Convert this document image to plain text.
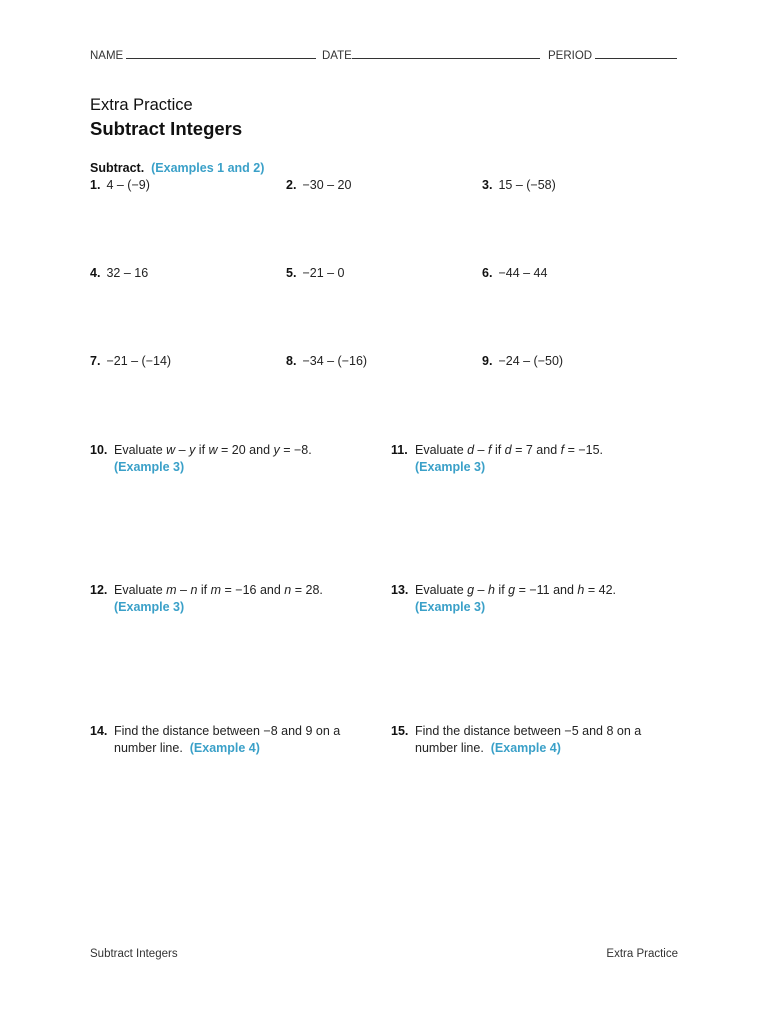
NAME	DATE	PERIOD
Extra Practice
Subtract Integers
Subtract. (Examples 1 and 2)
1. 4 – (−9)	2. −30 – 20	3. 15 – (−58)
4. 32 – 16	5. −21 – 0	6. −44 – 44
7. −21 – (−14)	8. −34 – (−16)	9. −24 – (−50)
10. Evaluate w – y if w = 20 and y = −8.
(Example 3)
11. Evaluate d – f if d = 7 and f = −15.
(Example 3)
12. Evaluate m – n if m = −16 and n = 28.
(Example 3)
13. Evaluate g – h if g = −11 and h = 42.
(Example 3)
14. Find the distance between −8 and 9 on a number line. (Example 4)
15. Find the distance between −5 and 8 on a number line. (Example 4)
Subtract Integers	Extra Practice
